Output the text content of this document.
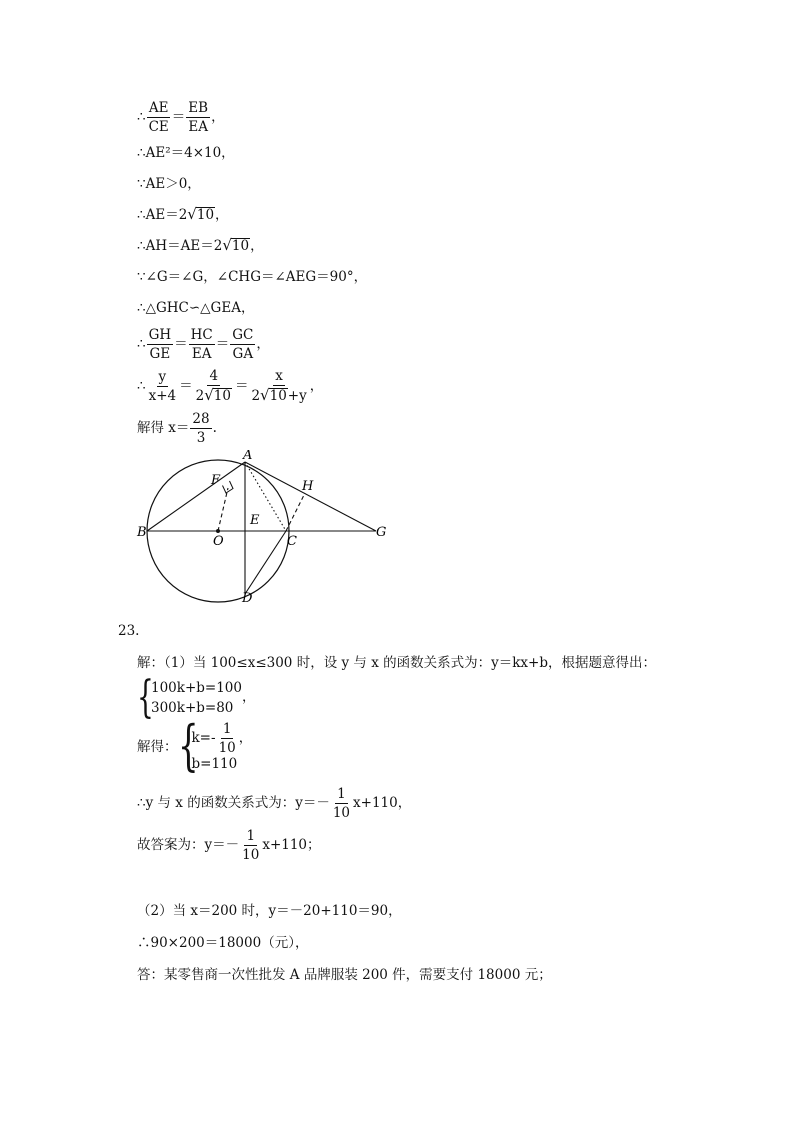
∴ $\frac{AE}{CE} = \frac{EB}{EA}$ ，
∴AE²＝4×10，
∵AE＞0，
∴AE＝2 √ 10 ，
∴AH＝AE＝2 √ 10 ，
∵∠G＝∠G，∠CHG＝∠AEG＝90°，
∴△GHC∽△GEA，
∴ $\frac{GH}{GE} = \frac{HC}{EA} = \frac{GC}{GA}$ ，
∴ $\frac{y}{x+4} = \frac{4}{2 √ 10} = \frac{x}{2 √ 10 +y}$ ，
解得 $x= \frac{28}{3}$ .
A
F	H
B
E
O	C
G
D
23.
解：（1）当 100≤x≤300 时，设 y 与 x 的函数关系式为：y＝kx+b，根据题意得出：
{
100k+b=100
300k+b=80
，
解得： {
$k=- \frac{1}{10}$ ，
b=110
∴y 与 x 的函数关系式为：$y=- \frac{1}{10} x+110$，
故答案为：$y=- \frac{1}{10} x+110$；
（2）当 x＝200 时，y＝－20+110＝90，
∴90×200＝18000（元），
答：某零售商一次性批发 A 品牌服装 200 件，需要支付 18000 元；
